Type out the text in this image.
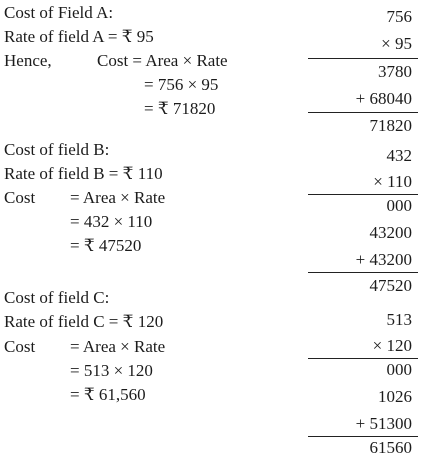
Cost of Field A:
Rate of field A = ₹ 95
Hence,	Cost = Area × Rate
= 756 × 95
= ₹ 71820
756
× 95
3780
+ 68040
71820
Cost of field B:
Rate of field B = ₹ 110
Cost = Area × Rate
= 432 × 110
= ₹ 47520
432
× 110
000
43200
+ 43200
47520
Cost of field C:
Rate of field C = ₹ 120
Cost = Area × Rate
= 513 × 120
= ₹ 61,560
513
× 120
000
1026
+ 51300
61560
